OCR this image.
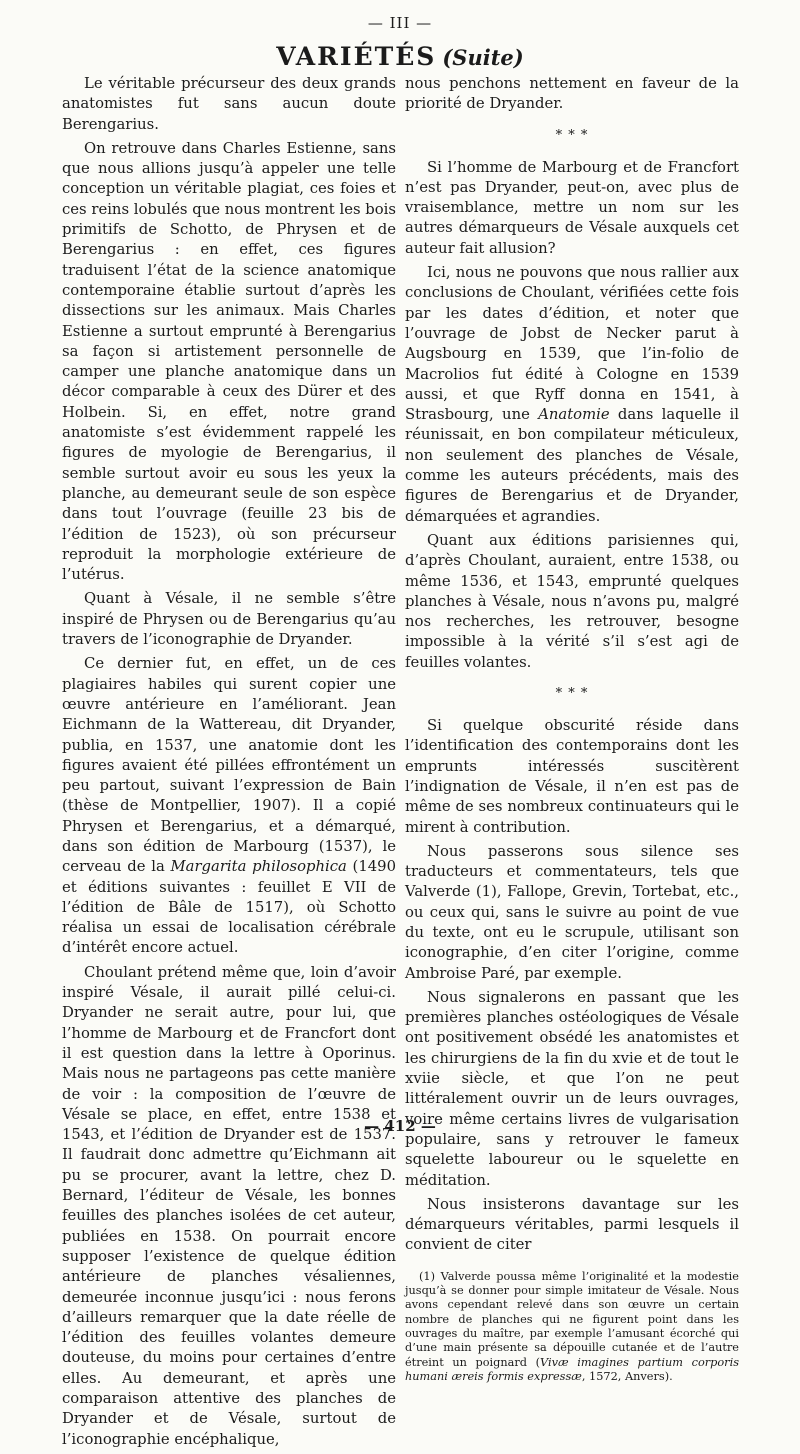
— III —
VARIÉTÉS (Suite)

Le véritable précurseur des deux grands anatomistes fut sans aucun doute Berengarius.

On retrouve dans Charles Estienne, sans que nous allions jusqu’à appeler une telle conception un véritable plagiat, ces foies et ces reins lobulés que nous montrent les bois primitifs de Schotto, de Phrysen et de Berengarius : en effet, ces figures traduisent l’état de la science anatomique contemporaine établie surtout d’après les dissections sur les animaux. Mais Charles Estienne a surtout emprunté à Berengarius sa façon si artistement personnelle de camper une planche anatomique dans un décor comparable à ceux des Dürer et des Holbein. Si, en effet, notre grand anatomiste s’est évidemment rappelé les figures de myologie de Berengarius, il semble surtout avoir eu sous les yeux la planche, au demeurant seule de son espèce dans tout l’ouvrage (feuille 23 bis de l’édition de 1523), où son précurseur reproduit la morphologie extérieure de l’utérus.

Quant à Vésale, il ne semble s’être inspiré de Phrysen ou de Berengarius qu’au travers de l’iconographie de Dryander.

Ce dernier fut, en effet, un de ces plagiaires habiles qui surent copier une œuvre antérieure en l’améliorant. Jean Eichmann de la Wattereau, dit Dryander, publia, en 1537, une anatomie dont les figures avaient été pillées effrontément un peu partout, suivant l’expression de Bain (thèse de Montpellier, 1907). Il a copié Phrysen et Berengarius, et a démarqué, dans son édition de Marbourg (1537), le cerveau de la Margarita philosophica (1490 et éditions suivantes : feuillet E VII de l’édition de Bâle de 1517), où Schotto réalisa un essai de localisation cérébrale d’intérêt encore actuel.

Choulant prétend même que, loin d’avoir inspiré Vésale, il aurait pillé celui-ci. Dryander ne serait autre, pour lui, que l’homme de Marbourg et de Francfort dont il est question dans la lettre à Oporinus. Mais nous ne partageons pas cette manière de voir : la composition de l’œuvre de Vésale se place, en effet, entre 1538 et 1543, et l’édition de Dryander est de 1537. Il faudrait donc admettre qu’Eichmann ait pu se procurer, avant la lettre, chez D. Bernard, l’éditeur de Vésale, les bonnes feuilles des planches isolées de cet auteur, publiées en 1538. On pourrait encore supposer l’existence de quelque édition antérieure de planches vésaliennes, demeurée inconnue jusqu’ici : nous ferons d’ailleurs remarquer que la date réelle de l’édition des feuilles volantes demeure douteuse, du moins pour certaines d’entre elles. Au demeurant, et après une comparaison attentive des planches de Dryander et de Vésale, surtout de l’iconographie encéphalique,

nous penchons nettement en faveur de la priorité de Dryander.

* * *

Si l’homme de Marbourg et de Francfort n’est pas Dryander, peut-on, avec plus de vraisemblance, mettre un nom sur les autres démarqueurs de Vésale auxquels cet auteur fait allusion?

Ici, nous ne pouvons que nous rallier aux conclusions de Choulant, vérifiées cette fois par les dates d’édition, et noter que l’ouvrage de Jobst de Necker parut à Augsbourg en 1539, que l’in-folio de Macrolios fut édité à Cologne en 1539 aussi, et que Ryff donna en 1541, à Strasbourg, une Anatomie dans laquelle il réunissait, en bon compilateur méticuleux, non seulement des planches de Vésale, comme les auteurs précédents, mais des figures de Berengarius et de Dryander, démarquées et agrandies.

Quant aux éditions parisiennes qui, d’après Choulant, auraient, entre 1538, ou même 1536, et 1543, emprunté quelques planches à Vésale, nous n’avons pu, malgré nos recherches, les retrouver, besogne impossible à la vérité s’il s’est agi de feuilles volantes.

* * *

Si quelque obscurité réside dans l’identification des contemporains dont les emprunts intéressés suscitèrent l’indignation de Vésale, il n’en est pas de même de ses nombreux continuateurs qui le mirent à contribution.

Nous passerons sous silence ses traducteurs et commentateurs, tels que Valverde (1), Fallope, Grevin, Tortebat, etc., ou ceux qui, sans le suivre au point de vue du texte, ont eu le scrupule, utilisant son iconographie, d’en citer l’origine, comme Ambroise Paré, par exemple.

Nous signalerons en passant que les premières planches ostéologiques de Vésale ont positivement obsédé les anatomistes et les chirurgiens de la fin du xvie et de tout le xviie siècle, et que l’on ne peut littéralement ouvrir un de leurs ouvrages, voire même certains livres de vulgarisation populaire, sans y retrouver le fameux squelette laboureur ou le squelette en méditation.

Nous insisterons davantage sur les démarqueurs véritables, parmi lesquels il convient de citer

(1) Valverde poussa même l’originalité et la modestie jusqu’à se donner pour simple imitateur de Vésale. Nous avons cependant relevé dans son œuvre un certain nombre de planches qui ne figurent point dans les ouvrages du maître, par exemple l’amusant écorché qui d’une main présente sa dépouille cutanée et de l’autre étreint un poignard (Vivæ imagines partium corporis humani æreis formis expressæ, 1572, Anvers).
— 412 —
